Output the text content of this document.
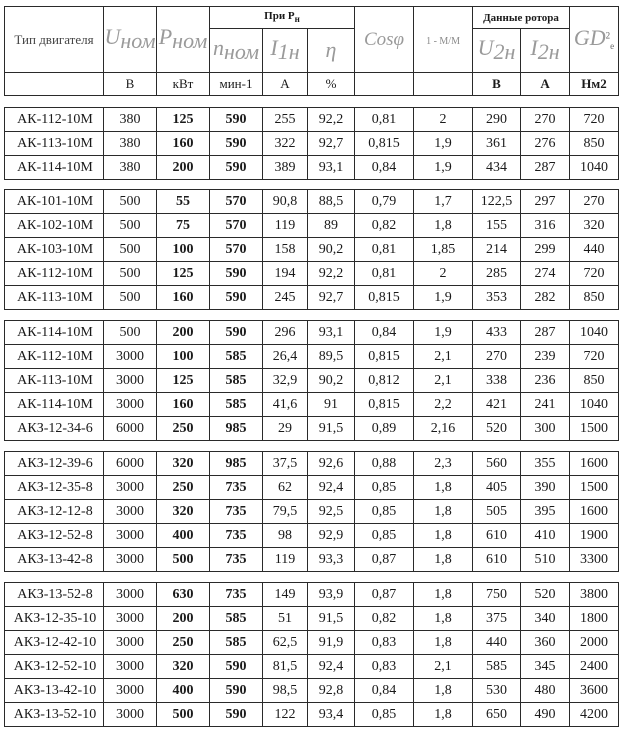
Тип двигателя	$U_{ном}$	$P_{ном}$	При $P_н$			Cosφ	1 - M/M	Данные ротора		$GD^2_e$
			$n_{ном}$	$I_{1н}$	η			$U_{2н}$	$I_{2н}$
	B	кВт	мин-1	A	%			B	A	Нм2
АК-112-10М	380	125	590	255	92,2	0,81	2	290	270	720
АК-113-10М	380	160	590	322	92,7	0,815	1,9	361	276	850
АК-114-10М	380	200	590	389	93,1	0,84	1,9	434	287	1040
АК-101-10М	500	55	570	90,8	88,5	0,79	1,7	122,5	297	270
АК-102-10М	500	75	570	119	89	0,82	1,8	155	316	320
АК-103-10М	500	100	570	158	90,2	0,81	1,85	214	299	440
АК-112-10М	500	125	590	194	92,2	0,81	2	285	274	720
АК-113-10М	500	160	590	245	92,7	0,815	1,9	353	282	850
АК-114-10М	500	200	590	296	93,1	0,84	1,9	433	287	1040
АК-112-10М	3000	100	585	26,4	89,5	0,815	2,1	270	239	720
АК-113-10М	3000	125	585	32,9	90,2	0,812	2,1	338	236	850
АК-114-10М	3000	160	585	41,6	91	0,815	2,2	421	241	1040
АКЗ-12-34-6	6000	250	985	29	91,5	0,89	2,16	520	300	1500
АКЗ-12-39-6	6000	320	985	37,5	92,6	0,88	2,3	560	355	1600
АКЗ-12-35-8	3000	250	735	62	92,4	0,85	1,8	405	390	1500
АКЗ-12-12-8	3000	320	735	79,5	92,5	0,85	1,8	505	395	1600
АКЗ-12-52-8	3000	400	735	98	92,9	0,85	1,8	610	410	1900
АКЗ-13-42-8	3000	500	735	119	93,3	0,87	1,8	610	510	3300
АКЗ-13-52-8	3000	630	735	149	93,9	0,87	1,8	750	520	3800
АКЗ-12-35-10	3000	200	585	51	91,5	0,82	1,8	375	340	1800
АКЗ-12-42-10	3000	250	585	62,5	91,9	0,83	1,8	440	360	2000
АКЗ-12-52-10	3000	320	590	81,5	92,4	0,83	2,1	585	345	2400
АКЗ-13-42-10	3000	400	590	98,5	92,8	0,84	1,8	530	480	3600
АКЗ-13-52-10	3000	500	590	122	93,4	0,85	1,8	650	490	4200
